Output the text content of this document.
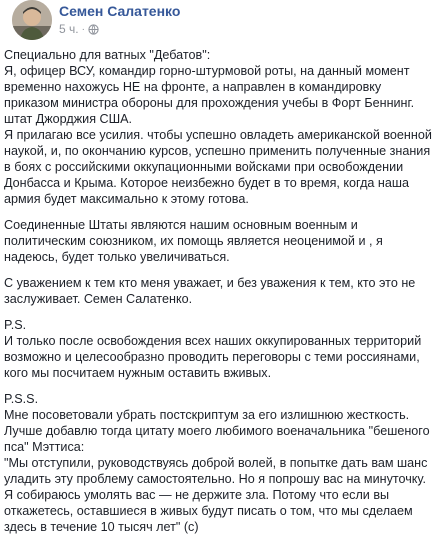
Семен Салатенко
5 ч. ·

Специально для ватных "Дебатов":
Я, офицер ВСУ, командир горно-штурмовой роты, на данный момент временно нахожусь НЕ на фронте, а направлен в командировку приказом министра обороны для прохождения учебы в Форт Беннинг. штат Джорджия США.
Я прилагаю все усилия. чтобы успешно овладеть американской военной наукой, и, по окончанию курсов, успешно применить полученные знания в боях с российскими оккупационными войсками при освобождении Донбасса и Крыма. Которое неизбежно будет в то время, когда наша армия будет максимально к этому готова.

Соединенные Штаты являются нашим основным военным и политическим союзником, их помощь является неоценимой и , я надеюсь, будет только увеличиваться.

С уважением к тем кто меня уважает, и без уважения к тем, кто это не заслуживает. Семен Салатенко.

P.S.
И только после освобождения всех наших оккупированных территорий возможно и целесообразно проводить переговоры с теми россиянами, кого мы посчитаем нужным оставить вживых.

P.S.S.
Мне посоветовали убрать постскриптум за его излишнюю жесткость. Лучше добавлю тогда цитату моего любимого военачальника "бешеного пса" Мэттиса:
"Мы отступили, руководствуясь доброй волей, в попытке дать вам шанс уладить эту проблему самостоятельно. Но я попрошу вас на минуточку. Я собираюсь умолять вас — не держите зла. Потому что если вы откажетесь, оставшиеся в живых будут писать о том, что мы сделаем здесь в течение 10 тысяч лет" (с)
